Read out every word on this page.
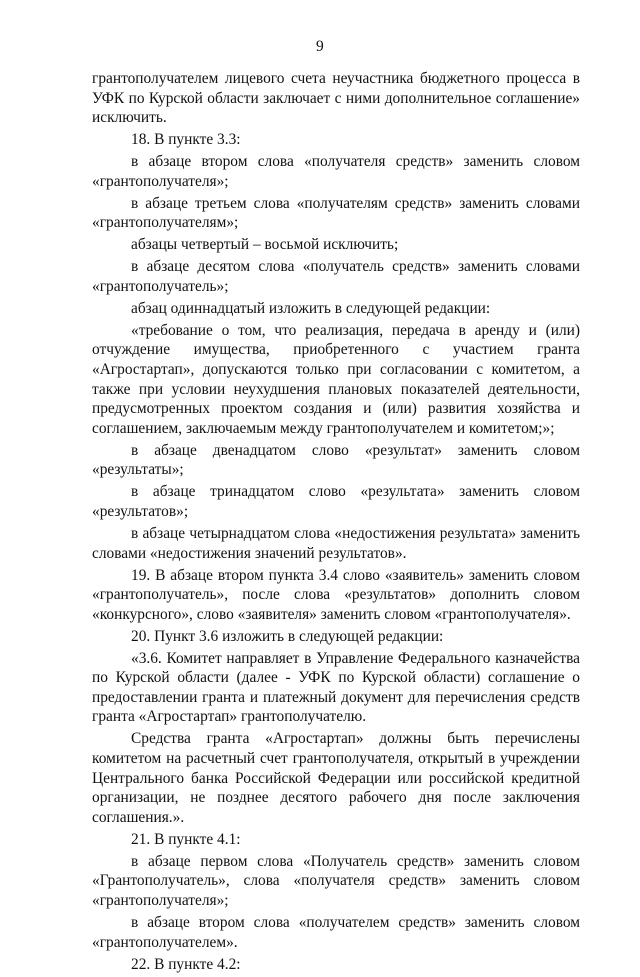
9

грантополучателем лицевого счета неучастника бюджетного процесса в УФК по Курской области заключает с ними дополнительное соглашение» исключить.

18. В пункте 3.3:

в абзаце втором слова «получателя средств» заменить словом «грантополучателя»;

в абзаце третьем слова «получателям средств» заменить словами «грантополучателям»;

абзацы четвертый – восьмой исключить;

в абзаце десятом слова «получатель средств» заменить словами «грантополучатель»;

абзац одиннадцатый изложить в следующей редакции:

«требование о том, что реализация, передача в аренду и (или) отчуждение имущества, приобретенного с участием гранта «Агростартап», допускаются только при согласовании с комитетом, а также при условии неухудшения плановых показателей деятельности, предусмотренных проектом создания и (или) развития хозяйства и соглашением, заключаемым между грантополучателем и комитетом;»;

в абзаце двенадцатом слово «результат» заменить словом «результаты»;

в абзаце тринадцатом слово «результата» заменить словом «результатов»;

в абзаце четырнадцатом слова «недостижения результата» заменить словами «недостижения значений результатов».

19. В абзаце втором пункта 3.4 слово «заявитель» заменить словом «грантополучатель», после слова «результатов» дополнить словом «конкурсного», слово «заявителя» заменить словом «грантополучателя».

20. Пункт 3.6 изложить в следующей редакции:

«3.6. Комитет направляет в Управление Федерального казначейства по Курской области (далее - УФК по Курской области) соглашение о предоставлении гранта и платежный документ для перечисления средств гранта «Агростартап» грантополучателю.

Средства гранта «Агростартап» должны быть перечислены комитетом на расчетный счет грантополучателя, открытый в учреждении Центрального банка Российской Федерации или российской кредитной организации, не позднее десятого рабочего дня после заключения соглашения.».

21. В пункте 4.1:

в абзаце первом слова «Получатель средств» заменить словом «Грантополучатель», слова «получателя средств» заменить словом «грантополучателя»;

в абзаце втором слова «получателем средств» заменить словом «грантополучателем».

22. В пункте 4.2:
